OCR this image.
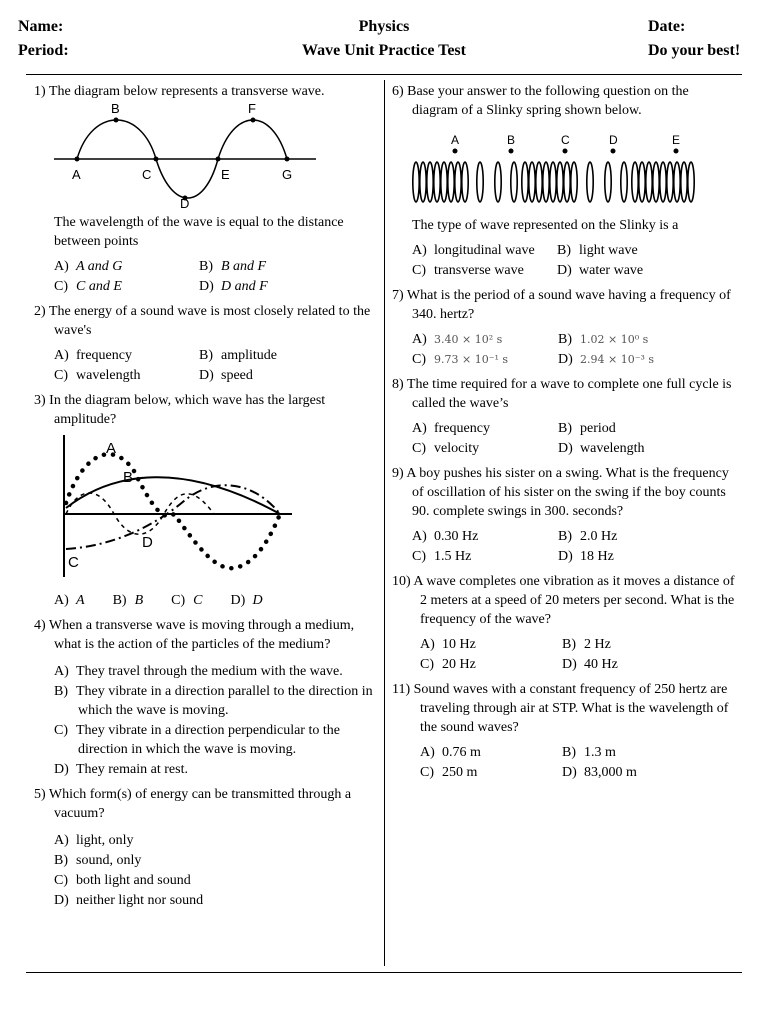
Name:	Physics	Date:
Period:	Wave Unit Practice Test	Do your best!
1) The diagram below represents a transverse wave.
A
B
C
D
E
F
G
The wavelength of the wave is equal to the distance between points
A) A and G	B) B and F
C) C and E	D) D and F
2) The energy of a sound wave is most closely related to the wave's
A) frequency	B) amplitude
C) wavelength	D) speed
3) In the diagram below, which wave has the largest amplitude?
A
B
C
D
A) A B) B C) C D) D
4) When a transverse wave is moving through a medium, what is the action of the particles of the medium?
A) They travel through the medium with the wave.
B) They vibrate in a direction parallel to the direction in which the wave is moving.
C) They vibrate in a direction perpendicular to the direction in which the wave is moving.
D) They remain at rest.
5) Which form(s) of energy can be transmitted through a vacuum?
A) light, only
B) sound, only
C) both light and sound
D) neither light nor sound
6) Base your answer to the following question on the diagram of a Slinky spring shown below.
A	B	C	D	E
The type of wave represented on the Slinky is a
A) longitudinal wave	B) light wave
C) transverse wave	D) water wave
7) What is the period of a sound wave having a frequency of 340. hertz?
A) 3.40 × 10² s	B) 1.02 × 10⁰ s
C) 9.73 × 10⁻¹ s	D) 2.94 × 10⁻³ s
8) The time required for a wave to complete one full cycle is called the wave’s
A) frequency	B) period
C) velocity	D) wavelength
9) A boy pushes his sister on a swing. What is the frequency of oscillation of his sister on the swing if the boy counts 90. complete swings in 300. seconds?
A) 0.30 Hz	B) 2.0 Hz
C) 1.5 Hz	D) 18 Hz
10) A wave completes one vibration as it moves a distance of 2 meters at a speed of 20 meters per second. What is the frequency of the wave?
A) 10 Hz	B) 2 Hz
C) 20 Hz	D) 40 Hz
11) Sound waves with a constant frequency of 250 hertz are traveling through air at STP. What is the wavelength of the sound waves?
A) 0.76 m	B) 1.3 m
C) 250 m	D) 83,000 m
